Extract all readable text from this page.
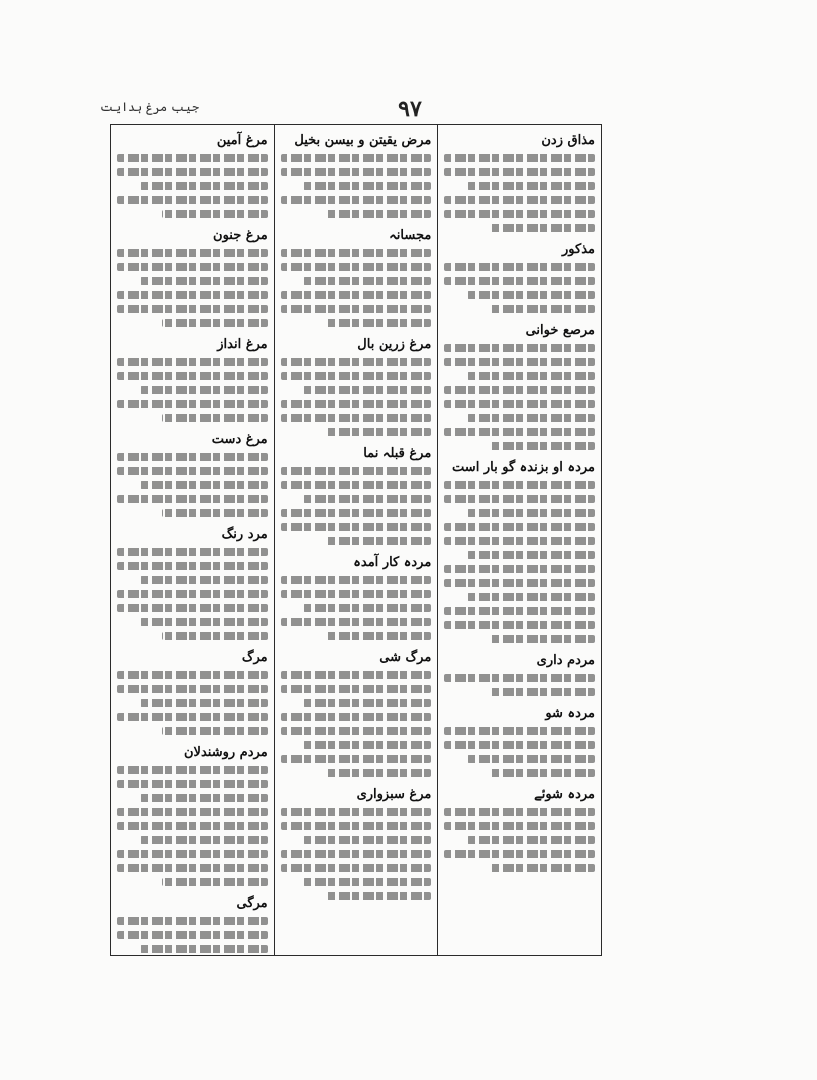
جیب مرغ ہدایت	۹۷
مذاق زدن
مذکور
مرصع خوانی
مردہ او بزندہ گو بار است
مردم داری
مردہ شو
مردہ شوئے
مرض یقیتن و بیسن بخیل
مجسانہ
مرغ زرین بال
مرغ قبلہ نما
مردہ کار آمدہ
مرگ شی
مرغ سبزواری
مرغ آمین
مرغ جنون
مرغ انداز
مرغ دست
مرد رنگ
مرگ
مردم روشندلان
مرگی
